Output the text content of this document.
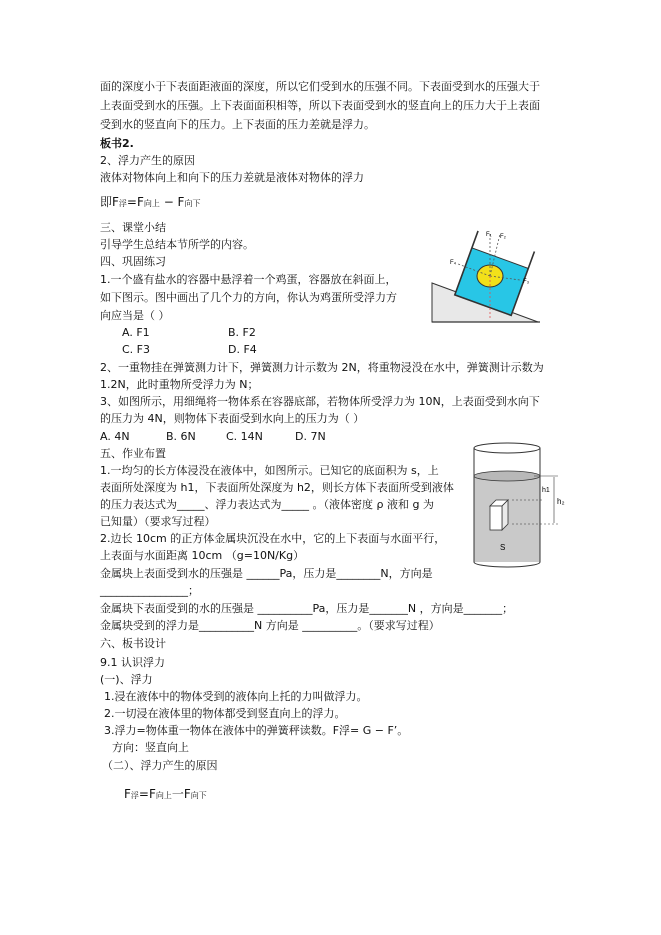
面的深度小于下表面距液面的深度，所以它们受到水的压强不同。下表面受到水的压强大于
上表面受到水的压强。上下表面面积相等，所以下表面受到水的竖直向上的压力大于上表面
受到水的竖直向下的压力。上下表面的压力差就是浮力。
板书2.
2、浮力产生的原因
液体对物体向上和向下的压力差就是液体对物体的浮力
即F浮=F向上 − F向下
三、课堂小结
引导学生总结本节所学的内容。
四、巩固练习
1.一个盛有盐水的容器中悬浮着一个鸡蛋，容器放在斜面上，
如下图示。图中画出了几个力的方向，你认为鸡蛋所受浮力方
向应当是（ ）
A. F1	B. F2
C. F3	D. F4
F₁ F₂
F₄
F₃
2、一重物挂在弹簧测力计下，弹簧测力计示数为 2N，将重物浸没在水中，弹簧测计示数为
1.2N，此时重物所受浮力为 N；
3、如图所示，用细绳将一物体系在容器底部，若物体所受浮力为 10N，上表面受到水向下
的压力为 4N，则物体下表面受到水向上的压力为（ ）
A. 4N	B. 6N	C. 14N	D. 7N
五、作业布置
1.一均匀的长方体浸没在液体中，如图所示。已知它的底面积为 s，上
表面所处深度为 h1，下表面所处深度为 h2，则长方体下表面所受到液体
的压力表达式为_____、浮力表达式为_____ 。（液体密度 ρ 液和 g 为
已知量）（要求写过程）
S
h1
h₂
2.边长 10cm 的正方体金属块沉没在水中，它的上下表面与水面平行，
上表面与水面距离 10cm （g=10N/Kg）
金属块上表面受到水的压强是 ______Pa，压力是________N，方向是
________________；
金属块下表面受到的水的压强是 __________Pa，压力是_______N ，方向是_______；
金属块受到的浮力是__________N 方向是 __________。（要求写过程）
六、板书设计
9.1 认识浮力
(一)、浮力
1.浸在液体中的物体受到的液体向上托的力叫做浮力。
2.一切浸在液体里的物体都受到竖直向上的浮力。
3.浮力=物体重一物体在液体中的弹簧秤读数。F浮= G − F’。
方向：竖直向上
（二）、浮力产生的原因
F浮=F向上一F向下
